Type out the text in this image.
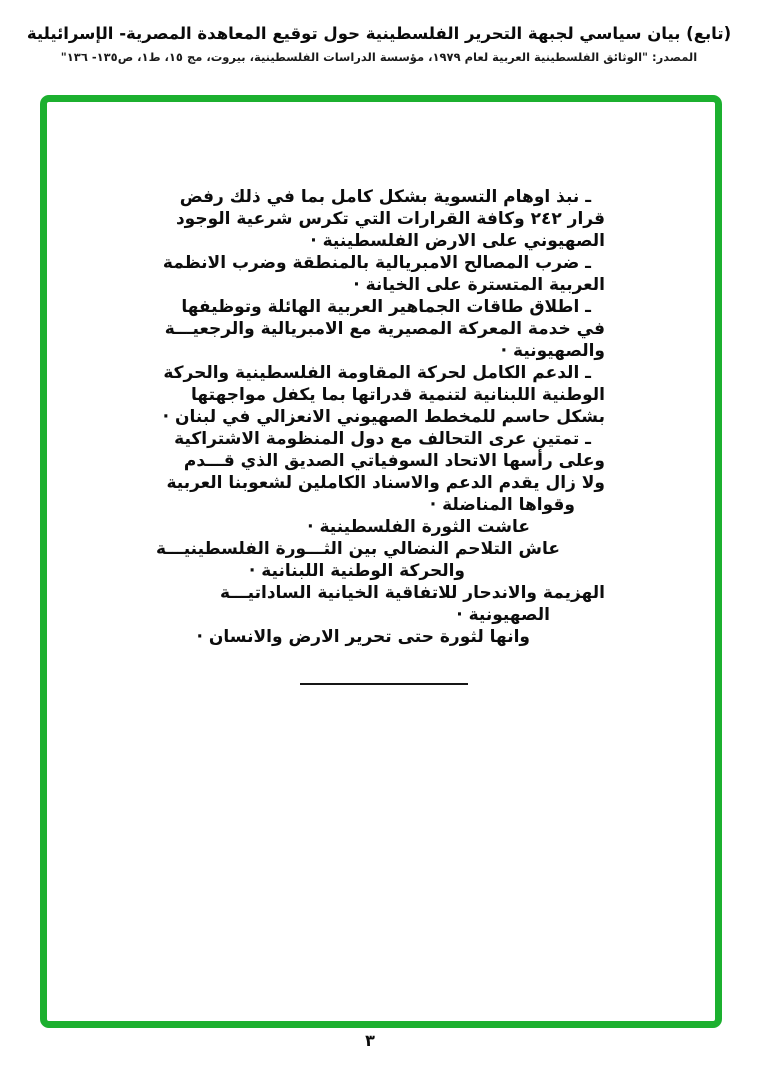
(تابع) بيان سياسي لجبهة التحرير الفلسطينية حول توقيع المعاهدة المصرية- الإسرائيلية
المصدر: "الوثائق الفلسطينية العربية لعام ١٩٧٩، مؤسسة الدراسات الفلسطينية، بيروت، مج ١٥، ط١، ص١٣٥- ١٣٦"
ـ نبذ اوهام التسوية بشكل كامل بما في ذلك رفض
قرار ٢٤٢ وكافة القرارات التي تكرس شرعية الوجود
الصهيوني على الارض الفلسطينية ·
ـ ضرب المصالح الامبريالية بالمنطقة وضرب الانظمة
العربية المتسترة على الخيانة ·
ـ اطلاق طاقات الجماهير العربية الهائلة وتوظيفها
في خدمة المعركة المصيرية مع الامبريالية والرجعيـــة
والصهيونية ·
ـ الدعم الكامل لحركة المقاومة الفلسطينية والحركة
الوطنية اللبنانية لتنمية قدراتها بما يكفل مواجهتها
بشكل حاسم للمخطط الصهيوني الانعزالي في لبنان ·
ـ تمتين عرى التحالف مع دول المنظومة الاشتراكية
وعلى رأسها الاتحاد السوفياتي الصديق الذي قـــدم
ولا زال يقدم الدعم والاسناد الكاملين لشعوبنا العربية
وقواها المناضلة ·
عاشت الثورة الفلسطينية ·
عاش التلاحم النضالي بين الثـــورة الفلسطينيـــة
والحركة الوطنية اللبنانية ·
الهزيمة والاندحار للاتفاقية الخيانية الساداتيـــة
الصهيونية ·
وانها لثورة حتى تحرير الارض والانسان ·
٣
